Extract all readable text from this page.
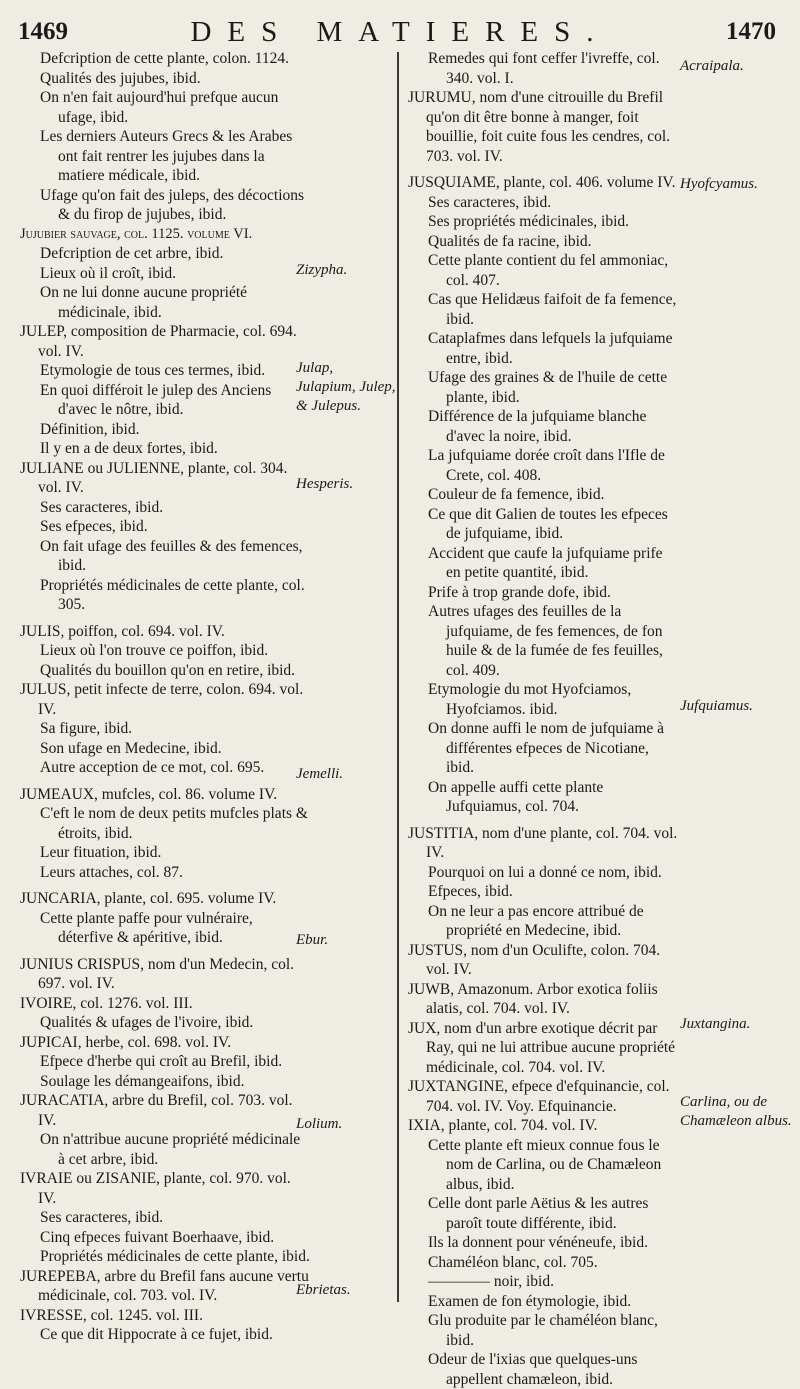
1469	DES MATIERES.	1470

Defcription de cette plante, colon. 1124.

Qualités des jujubes, ibid.

On n'en fait aujourd'hui prefque aucun ufage, ibid.

Les derniers Auteurs Grecs & les Arabes ont fait rentrer les jujubes dans la matiere médicale, ibid.

Ufage qu'on fait des juleps, des décoctions & du firop de jujubes, ibid.

Jujubier sauvage, col. 1125. volume VI.

Defcription de cet arbre, ibid.

Lieux où il croît, ibid.

On ne lui donne aucune propriété médicinale, ibid.

JULEP, composition de Pharmacie, col. 694. vol. IV.

Etymologie de tous ces termes, ibid.

En quoi différoit le julep des Anciens d'avec le nôtre, ibid.

Définition, ibid.

Il y en a de deux fortes, ibid.

JULIANE ou JULIENNE, plante, col. 304. vol. IV.

Ses caracteres, ibid.

Ses efpeces, ibid.

On fait ufage des feuilles & des femences, ibid.

Propriétés médicinales de cette plante, col. 305.

JULIS, poiffon, col. 694. vol. IV.

Lieux où l'on trouve ce poiffon, ibid.

Qualités du bouillon qu'on en retire, ibid.

JULUS, petit infecte de terre, colon. 694. vol. IV.

Sa figure, ibid.

Son ufage en Medecine, ibid.

Autre acception de ce mot, col. 695.

JUMEAUX, mufcles, col. 86. volume IV.

C'eft le nom de deux petits mufcles plats & étroits, ibid.

Leur fituation, ibid.

Leurs attaches, col. 87.

JUNCARIA, plante, col. 695. volume IV.

Cette plante paffe pour vulnéraire, déterfive & apéritive, ibid.

JUNIUS CRISPUS, nom d'un Medecin, col. 697. vol. IV.

IVOIRE, col. 1276. vol. III.

Qualités & ufages de l'ivoire, ibid.

JUPICAI, herbe, col. 698. vol. IV.

Efpece d'herbe qui croît au Brefil, ibid.

Soulage les démangeaifons, ibid.

JURACATIA, arbre du Brefil, col. 703. vol. IV.

On n'attribue aucune propriété médicinale à cet arbre, ibid.

IVRAIE ou ZISANIE, plante, col. 970. vol. IV.

Ses caracteres, ibid.

Cinq efpeces fuivant Boerhaave, ibid.

Propriétés médicinales de cette plante, ibid.

JUREPEBA, arbre du Brefil fans aucune vertu médicinale, col. 703. vol. IV.

IVRESSE, col. 1245. vol. III.

Ce que dit Hippocrate à ce fujet, ibid.

Zizypha.
Julap, Julapium, Julep, & Julepus.
Hesperis.
Jemelli.
Ebur.
Lolium.
Ebrietas.

Remedes qui font ceffer l'ivreffe, col. 340. vol. I.

JURUMU, nom d'une citrouille du Brefil qu'on dit être bonne à manger, foit bouillie, foit cuite fous les cendres, col. 703. vol. IV.

JUSQUIAME, plante, col. 406. volume IV.

Ses caracteres, ibid.

Ses propriétés médicinales, ibid.

Qualités de fa racine, ibid.

Cette plante contient du fel ammoniac, col. 407.

Cas que Helidæus faifoit de fa femence, ibid.

Cataplafmes dans lefquels la jufquiame entre, ibid.

Ufage des graines & de l'huile de cette plante, ibid.

Différence de la jufquiame blanche d'avec la noire, ibid.

La jufquiame dorée croît dans l'Ifle de Crete, col. 408.

Couleur de fa femence, ibid.

Ce que dit Galien de toutes les efpeces de jufquiame, ibid.

Accident que caufe la jufquiame prife en petite quantité, ibid.

Prife à trop grande dofe, ibid.

Autres ufages des feuilles de la jufquiame, de fes femences, de fon huile & de la fumée de fes feuilles, col. 409.

Etymologie du mot Hyofciamos, Hyofciamos. ibid.

On donne auffi le nom de jufquiame à différentes efpeces de Nicotiane, ibid.

On appelle auffi cette plante Jufquiamus, col. 704.

JUSTITIA, nom d'une plante, col. 704. vol. IV.

Pourquoi on lui a donné ce nom, ibid.

Efpeces, ibid.

On ne leur a pas encore attribué de propriété en Medecine, ibid.

JUSTUS, nom d'un Oculifte, colon. 704. vol. IV.

JUWB, Amazonum. Arbor exotica foliis alatis, col. 704. vol. IV.

JUX, nom d'un arbre exotique décrit par Ray, qui ne lui attribue aucune propriété médicinale, col. 704. vol. IV.

JUXTANGINE, efpece d'efquinancie, col. 704. vol. IV. Voy. Efquinancie.

IXIA, plante, col. 704. vol. IV.

Cette plante eft mieux connue fous le nom de Carlina, ou de Chamæleon albus, ibid.

Celle dont parle Aëtius & les autres paroît toute différente, ibid.

Ils la donnent pour vénéneufe, ibid.

Chaméléon blanc, col. 705.

———— noir, ibid.

Examen de fon étymologie, ibid.

Glu produite par le chaméléon blanc, ibid.

Odeur de l'ixias que quelques-uns appellent chamæleon, ibid.

Acraipala.
Hyofcyamus.
Jufquiamus.
Juxtangina.
Carlina, ou de Chamæleon albus.
